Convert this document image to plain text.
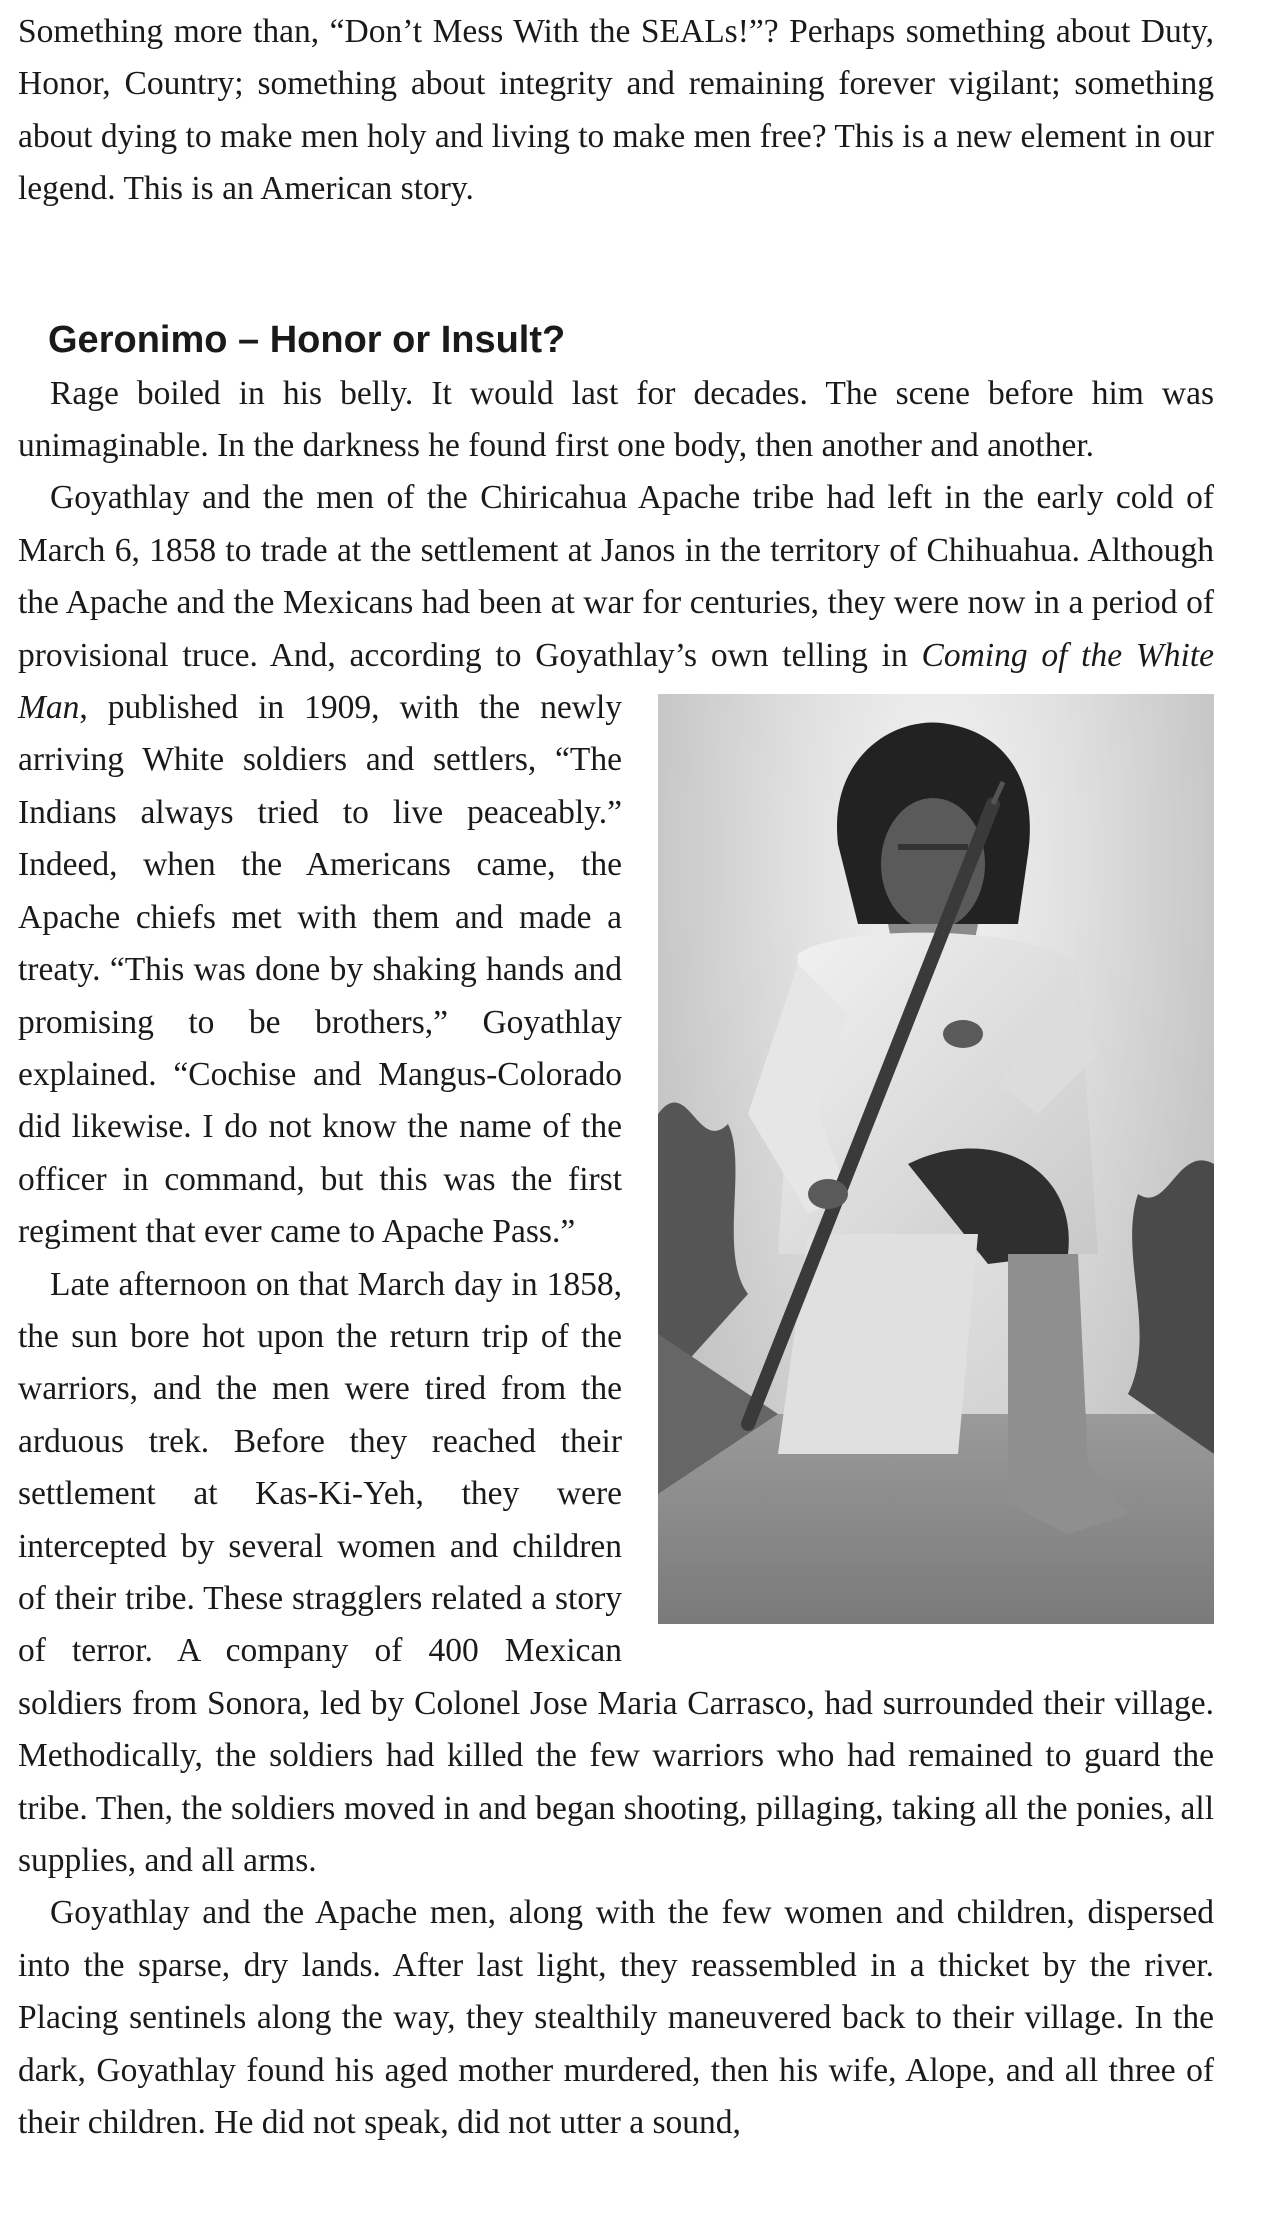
Something more than, “Don’t Mess With the SEALs!”? Perhaps something about Duty, Honor, Country; something about integrity and remaining forever vigilant; something about dying to make men holy and living to make men free? This is a new element in our legend. This is an American story.

Geronimo – Honor or Insult?

Rage boiled in his belly. It would last for decades. The scene before him was unimaginable. In the darkness he found first one body, then another and another.

Goyathlay and the men of the Chiricahua Apache tribe had left in the early cold of March 6, 1858 to trade at the settlement at Janos in the territory of Chihuahua. Although the Apache and the Mexicans had been at war for centuries, they were now in a period of provisional truce. And, according to Goyathlay’s own telling in Coming of the White Man, published in 1909, with the
newly arriving White soldiers and settlers, “The Indians always tried to live peaceably.” Indeed, when the Americans came, the Apache chiefs met with them and made a treaty. “This was done by shaking hands and promising to be brothers,” Goyathlay explained. “Cochise and Mangus-Colorado did likewise. I do not know the name of the officer in command, but this was the first regiment that ever came to Apache Pass.”

Late afternoon on that March day in 1858, the sun bore hot upon the return trip of the warriors, and the men were tired from the arduous trek. Before they reached their settlement at Kas-Ki-Yeh, they were intercepted by several women and children of their tribe. These stragglers related a story of terror. A company of 400 Mexican soldiers from Sonora, led by Colonel Jose Maria Carrasco, had surrounded their village. Methodically, the soldiers had killed the few warriors who had remained to guard the tribe. Then, the soldiers moved in and began shooting, pillaging, taking all the ponies, all supplies, and all arms.

Goyathlay and the Apache men, along with the few women and children, dispersed into the sparse, dry lands. After last light, they reassembled in a thicket by the river. Placing sentinels along the way, they stealthily maneuvered back to their village. In the dark, Goyathlay found his aged mother murdered, then his wife, Alope, and all three of their children. He did not speak, did not utter a sound,
